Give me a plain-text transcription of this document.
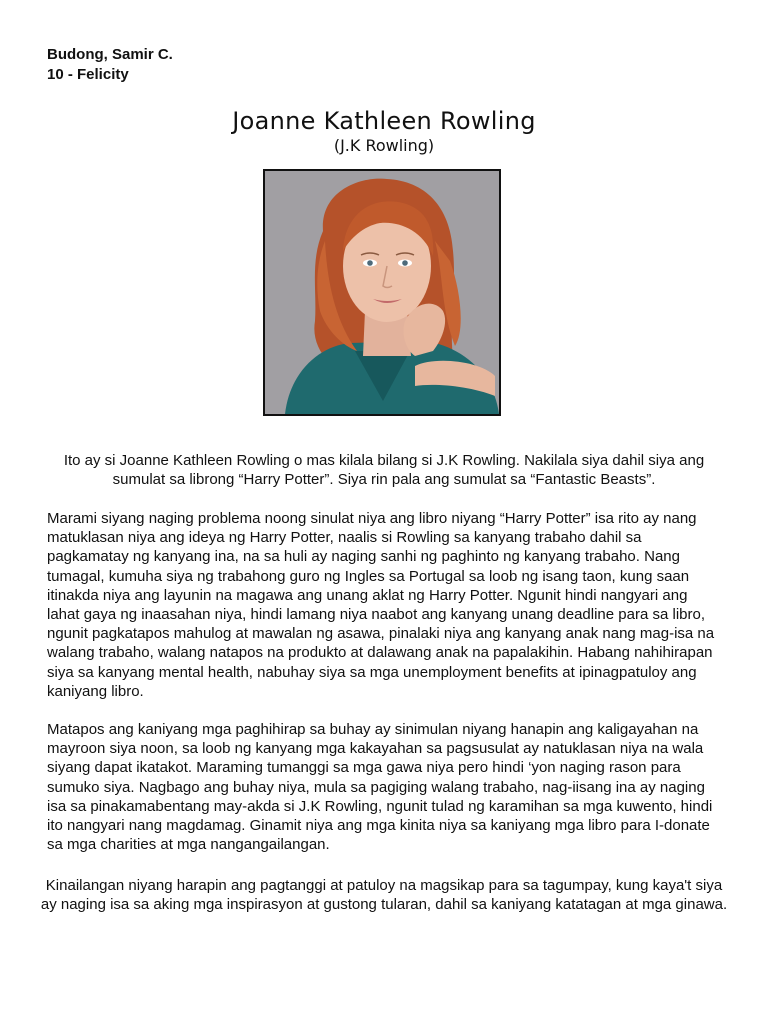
Budong, Samir C.
10 - Felicity
Joanne Kathleen Rowling
(J.K Rowling)

Ito ay si Joanne Kathleen Rowling o mas kilala bilang si J.K Rowling. Nakilala siya dahil siya ang sumulat sa librong “Harry Potter”. Siya rin pala ang sumulat sa “Fantastic Beasts”.

Marami siyang naging problema noong sinulat niya ang libro niyang “Harry Potter” isa rito ay nang matuklasan niya ang ideya ng Harry Potter, naalis si Rowling sa kanyang trabaho dahil sa pagkamatay ng kanyang ina, na sa huli ay naging sanhi ng paghinto ng kanyang trabaho. Nang tumagal, kumuha siya ng trabahong guro ng Ingles sa Portugal sa loob ng isang taon, kung saan itinakda niya ang layunin na magawa ang unang aklat ng Harry Potter. Ngunit hindi nangyari ang lahat gaya ng inaasahan niya, hindi lamang niya naabot ang kanyang unang deadline para sa libro, ngunit pagkatapos mahulog at mawalan ng asawa, pinalaki niya ang kanyang anak nang mag-isa na walang trabaho, walang natapos na produkto at dalawang anak na papalakihin. Habang nahihirapan siya sa kanyang mental health, nabuhay siya sa mga unemployment benefits at ipinagpatuloy ang kaniyang libro.

Matapos ang kaniyang mga paghihirap sa buhay ay sinimulan niyang hanapin ang kaligayahan na mayroon siya noon, sa loob ng kanyang mga kakayahan sa pagsusulat ay natuklasan niya na wala siyang dapat ikatakot. Maraming tumanggi sa mga gawa niya pero hindi ‘yon naging rason para sumuko siya. Nagbago ang buhay niya, mula sa pagiging walang trabaho, nag-iisang ina ay naging isa sa pinakamabentang may-akda si J.K Rowling, ngunit tulad ng karamihan sa mga kuwento, hindi ito nangyari nang magdamag. Ginamit niya ang mga kinita niya sa kaniyang mga libro para I-donate sa mga charities at mga nangangailangan.

Kinailangan niyang harapin ang pagtanggi at patuloy na magsikap para sa tagumpay, kung kaya't siya ay naging isa sa aking mga inspirasyon at gustong tularan, dahil sa kaniyang katatagan at mga ginawa.
